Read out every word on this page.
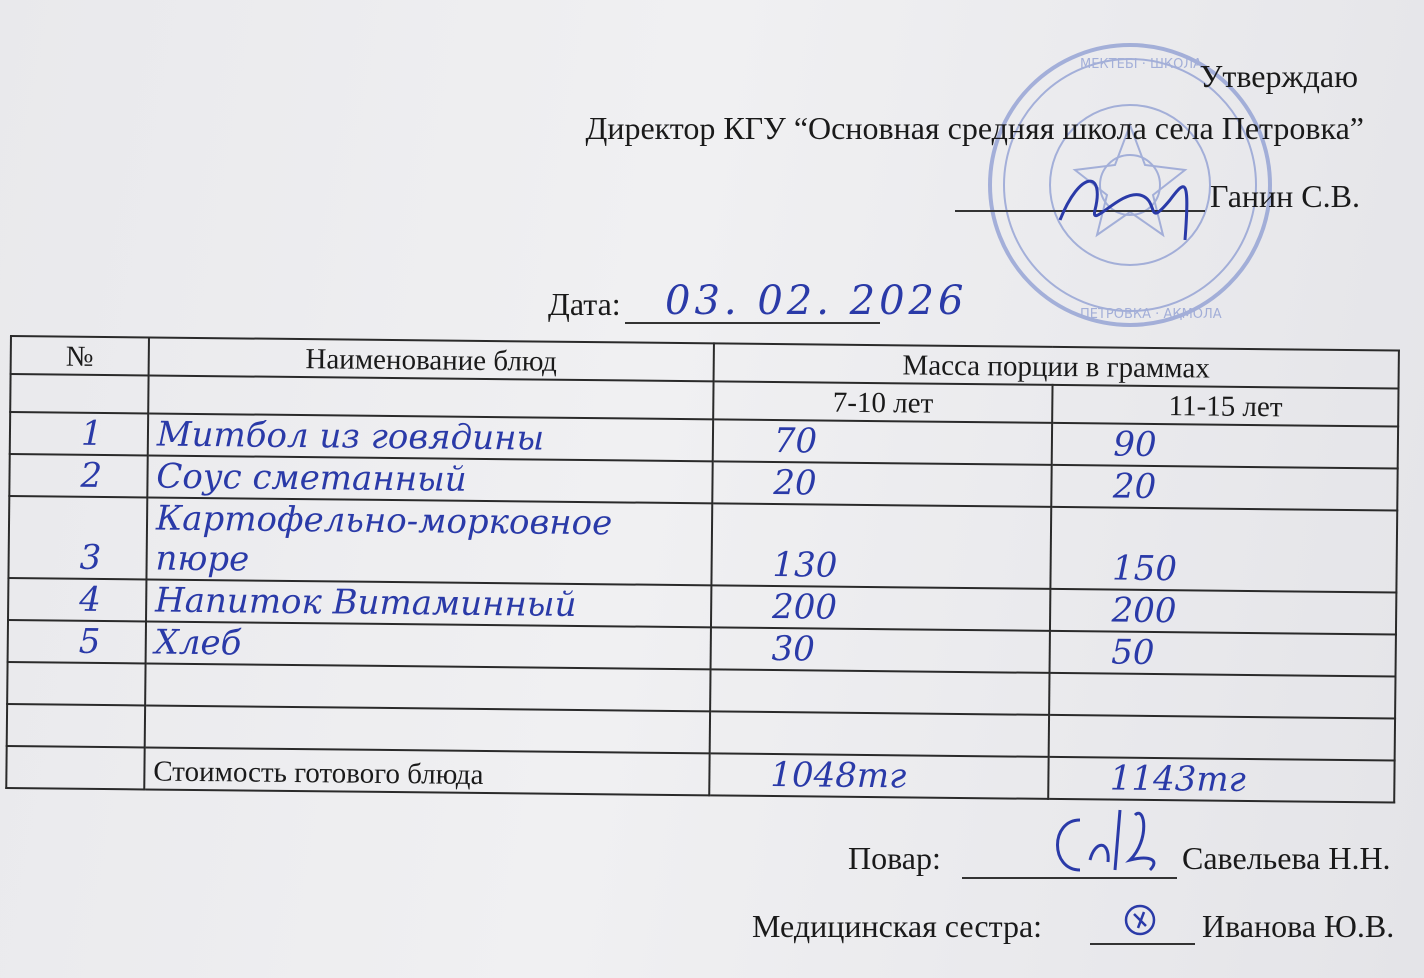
МЕКТЕБІ · ШКОЛА
ПЕТРОВКА · АҚМОЛА
Утверждаю
Директор КГУ “Основная средняя школа села Петровка”
Ганин С.В.
Дата: 03. 02. 2026
№	Наименование блюд	Масса порции в граммах	
		7-10 лет	11-15 лет
1	Митбол из говядины	70	90
2	Соус сметанный	20	20
3	Картофельно-морковное пюре	130	150
4	Напиток Витаминный	200	200
5	Хлеб	30	50

	Стоимость готового блюда	1048тг	1143тг
Повар:	Савельева Н.Н.
Медицинская сестра:	Иванова Ю.В.
